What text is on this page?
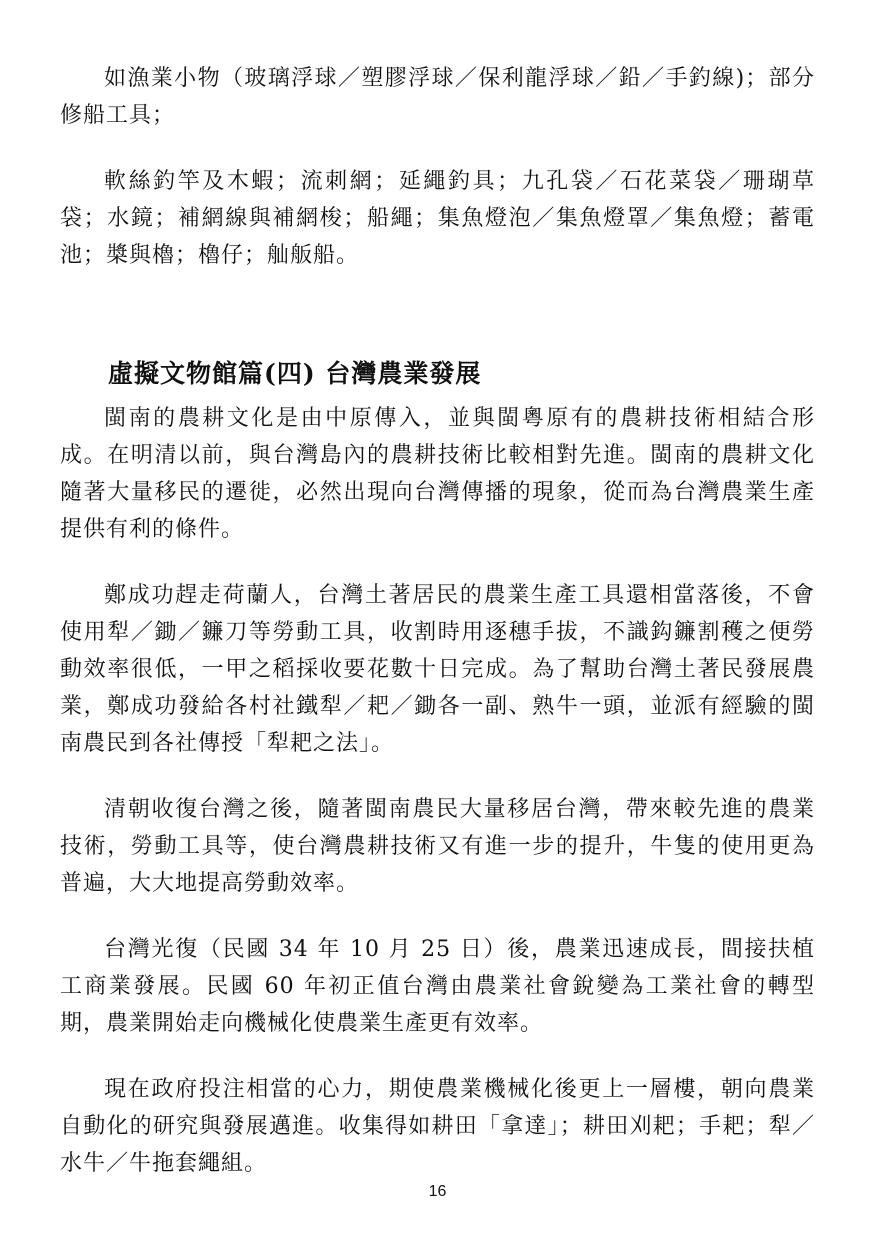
如漁業小物（玻璃浮球／塑膠浮球／保利龍浮球／鉛／手釣線)；部分修船工具；

軟絲釣竿及木蝦；流刺網；延繩釣具；九孔袋／石花菜袋／珊瑚草袋；水鏡；補網線與補網梭；船繩；集魚燈泡／集魚燈罩／集魚燈；蓄電池；槳與櫓；櫓仔；舢舨船。

虛擬文物館篇(四) 台灣農業發展

閩南的農耕文化是由中原傳入，並與閩粵原有的農耕技術相結合形成。在明清以前，與台灣島內的農耕技術比較相對先進。閩南的農耕文化隨著大量移民的遷徙，必然出現向台灣傳播的現象，從而為台灣農業生產提供有利的條件。

鄭成功趕走荷蘭人，台灣土著居民的農業生產工具還相當落後，不會使用犁／鋤／鐮刀等勞動工具，收割時用逐穗手拔，不識鈎鐮割穫之便勞動效率很低，一甲之稻採收要花數十日完成。為了幫助台灣土著民發展農業，鄭成功發給各村社鐵犁／耙／鋤各一副、熟牛一頭，並派有經驗的閩南農民到各社傳授「犁耙之法」。

清朝收復台灣之後，隨著閩南農民大量移居台灣，帶來較先進的農業技術，勞動工具等，使台灣農耕技術又有進一步的提升，牛隻的使用更為普遍，大大地提高勞動效率。

台灣光復（民國 34 年 10 月 25 日）後，農業迅速成長，間接扶植工商業發展。民國 60 年初正值台灣由農業社會銳變為工業社會的轉型期，農業開始走向機械化使農業生產更有效率。

現在政府投注相當的心力，期使農業機械化後更上一層樓，朝向農業自動化的研究與發展邁進。收集得如耕田「拿達」；耕田刈耙；手耙；犁／水牛／牛拖套繩組。

16
